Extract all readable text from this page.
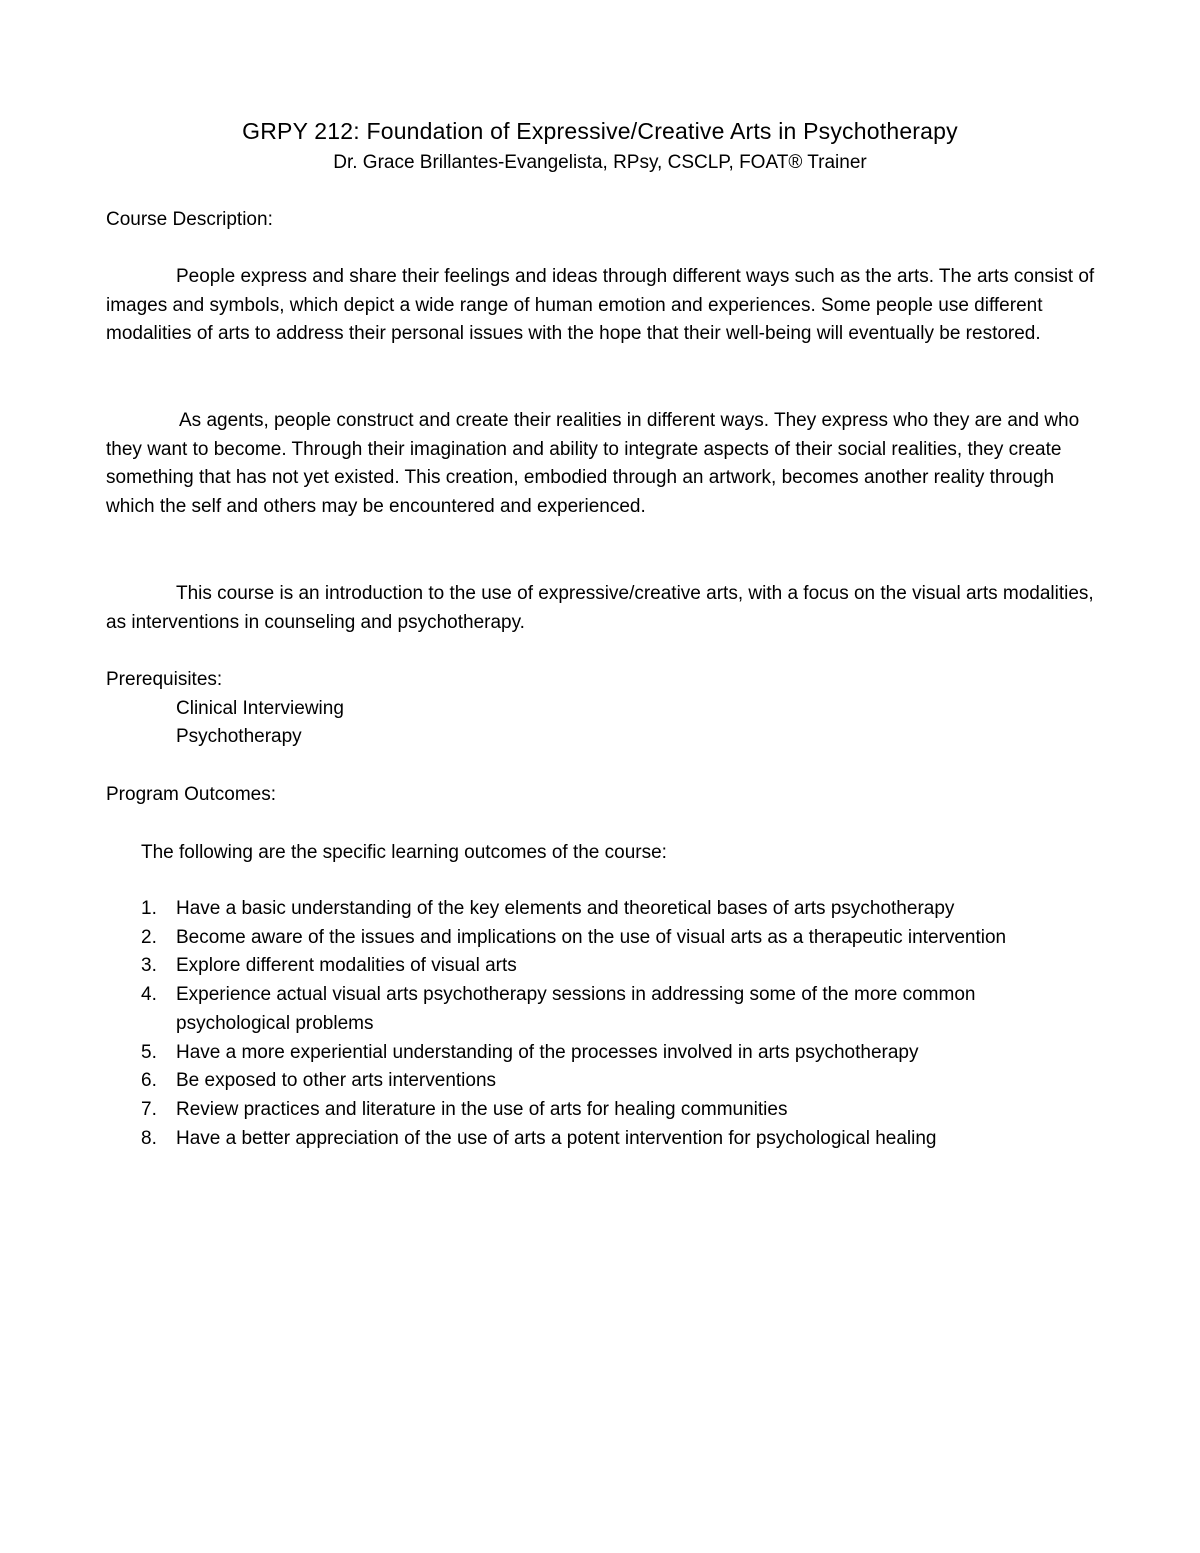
GRPY 212: Foundation of Expressive/Creative Arts in Psychotherapy
Dr. Grace Brillantes-Evangelista, RPsy, CSCLP, FOAT® Trainer
Course Description:

People express and share their feelings and ideas through different ways such as the arts. The arts consist of images and symbols, which depict a wide range of human emotion and experiences. Some people use different modalities of arts to address their personal issues with the hope that their well-being will eventually be restored.

As agents, people construct and create their realities in different ways. They express who they are and who they want to become. Through their imagination and ability to integrate aspects of their social realities, they create something that has not yet existed. This creation, embodied through an artwork, becomes another reality through which the self and others may be encountered and experienced.

This course is an introduction to the use of expressive/creative arts, with a focus on the visual arts modalities, as interventions in counseling and psychotherapy.

Prerequisites:
Clinical Interviewing
Psychotherapy
Program Outcomes:
The following are the specific learning outcomes of the course:
1. Have a basic understanding of the key elements and theoretical bases of arts psychotherapy
2. Become aware of the issues and implications on the use of visual arts as a therapeutic intervention
3. Explore different modalities of visual arts
4. Experience actual visual arts psychotherapy sessions in addressing some of the more common psychological problems
5. Have a more experiential understanding of the processes involved in arts psychotherapy
6. Be exposed to other arts interventions
7. Review practices and literature in the use of arts for healing communities
8. Have a better appreciation of the use of arts a potent intervention for psychological healing
